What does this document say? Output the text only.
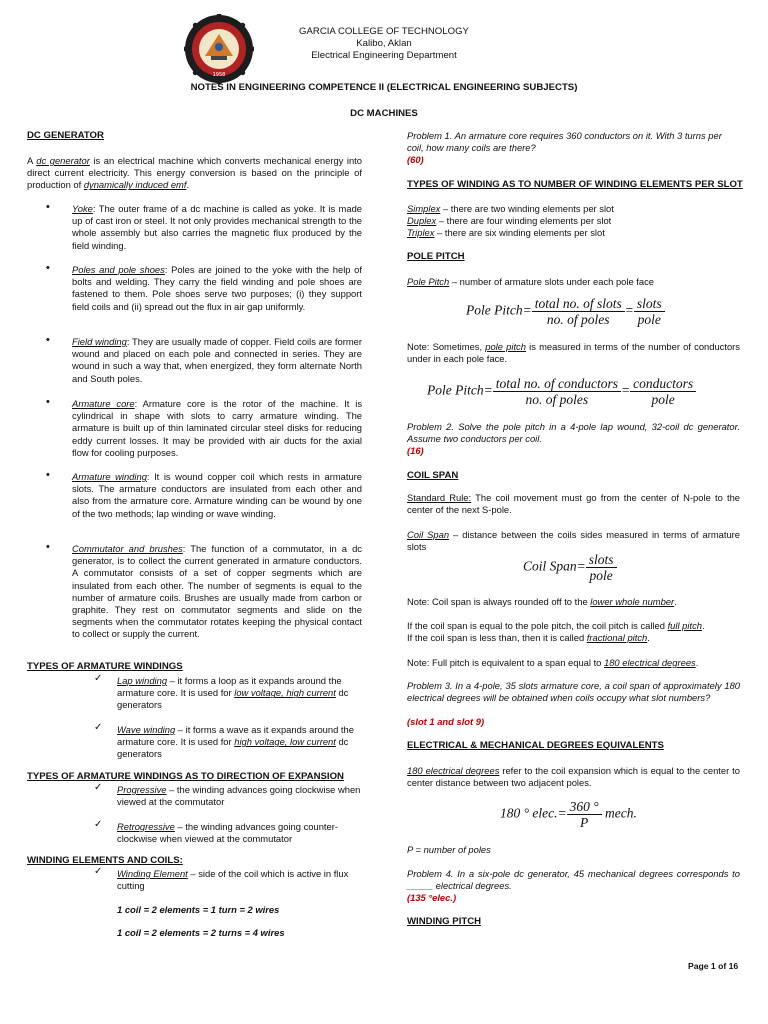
1958
GARCIA COLLEGE OF TECHNOLOGY
Kalibo, Aklan
Electrical Engineering Department
NOTES IN ENGINEERING COMPETENCE II (ELECTRICAL ENGINEERING SUBJECTS)
DC MACHINES
DC GENERATOR
A dc generator is an electrical machine which converts mechanical energy into direct current electricity. This energy conversion is based on the principle of production of dynamically induced emf.
• Yoke: The outer frame of a dc machine is called as yoke. It is made up of cast iron or steel. It not only provides mechanical strength to the whole assembly but also carries the magnetic flux produced by the field winding.
• Poles and pole shoes: Poles are joined to the yoke with the help of bolts and welding. They carry the field winding and pole shoes are fastened to them. Pole shoes serve two purposes; (i) they support field coils and (ii) spread out the flux in air gap uniformly.
• Field winding: They are usually made of copper. Field coils are former wound and placed on each pole and connected in series. They are wound in such a way that, when energized, they form alternate North and South poles.
• Armature core: Armature core is the rotor of the machine. It is cylindrical in shape with slots to carry armature winding. The armature is built up of thin laminated circular steel disks for reducing eddy current losses. It may be provided with air ducts for the axial flow for cooling purposes.
• Armature winding: It is wound copper coil which rests in armature slots. The armature conductors are insulated from each other and also from the armature core. Armature winding can be wound by one of the two methods; lap winding or wave winding.
• Commutator and brushes: The function of a commutator, in a dc generator, is to collect the current generated in armature conductors. A commutator consists of a set of copper segments which are insulated from each other. The number of segments is equal to the number of armature coils. Brushes are usually made from carbon or graphite. They rest on commutator segments and slide on the segments when the commutator rotates keeping the physical contact to collect or supply the current.
TYPES OF ARMATURE WINDINGS
✓ Lap winding – it forms a loop as it expands around the armature core. It is used for low voltage, high current dc generators
✓ Wave winding – it forms a wave as it expands around the armature core. It is used for high voltage, low current dc generators
TYPES OF ARMATURE WINDINGS AS TO DIRECTION OF EXPANSION
✓ Progressive – the winding advances going clockwise when viewed at the commutator
✓ Retrogressive – the winding advances going counter-clockwise when viewed at the commutator
WINDING ELEMENTS AND COILS:
✓ Winding Element – side of the coil which is active in flux cutting
1 coil = 2 elements = 1 turn = 2 wires
1 coil = 2 elements = 2 turns = 4 wires
Problem 1. An armature core requires 360 conductors on it. With 3 turns per coil, how many coils are there?
(60)
TYPES OF WINDING AS TO NUMBER OF WINDING ELEMENTS PER SLOT
Simplex – there are two winding elements per slot
Duplex – there are four winding elements per slot
Triplex – there are six winding elements per slot
POLE PITCH
Pole Pitch – number of armature slots under each pole face
Pole Pitch= $\frac{\text{total no. of slots}}{\text{no. of poles}} = \frac{\text{slots}}{\text{pole}}$
Note: Sometimes, pole pitch is measured in terms of the number of conductors under in each pole face.
Pole Pitch= $\frac{\text{total no. of conductors}}{\text{no. of poles}} = \frac{\text{conductors}}{\text{pole}}$
Problem 2. Solve the pole pitch in a 4-pole lap wound, 32-coil dc generator. Assume two conductors per coil.
(16)
COIL SPAN
Standard Rule: The coil movement must go from the center of N-pole to the center of the next S-pole.
Coil Span – distance between the coils sides measured in terms of armature slots
Coil Span= $\frac{\text{slots}}{\text{pole}}$
Note: Coil span is always rounded off to the lower whole number.
If the coil span is equal to the pole pitch, the coil pitch is called full pitch.
If the coil span is less than, then it is called fractional pitch.
Note: Full pitch is equivalent to a span equal to 180 electrical degrees.
Problem 3. In a 4-pole, 35 slots armature core, a coil span of approximately 180 electrical degrees will be obtained when coils occupy what slot numbers?
(slot 1 and slot 9)
ELECTRICAL & MECHANICAL DEGREES EQUIVALENTS
180 electrical degrees refer to the coil expansion which is equal to the center to center distance between two adjacent poles.
180 ° elec.= $\frac{360 ^\circ}{P}$ mech.
P = number of poles
Problem 4. In a six-pole dc generator, 45 mechanical degrees corresponds to _____ electrical degrees.
(135 °elec.)
WINDING PITCH
Page 1 of 16
